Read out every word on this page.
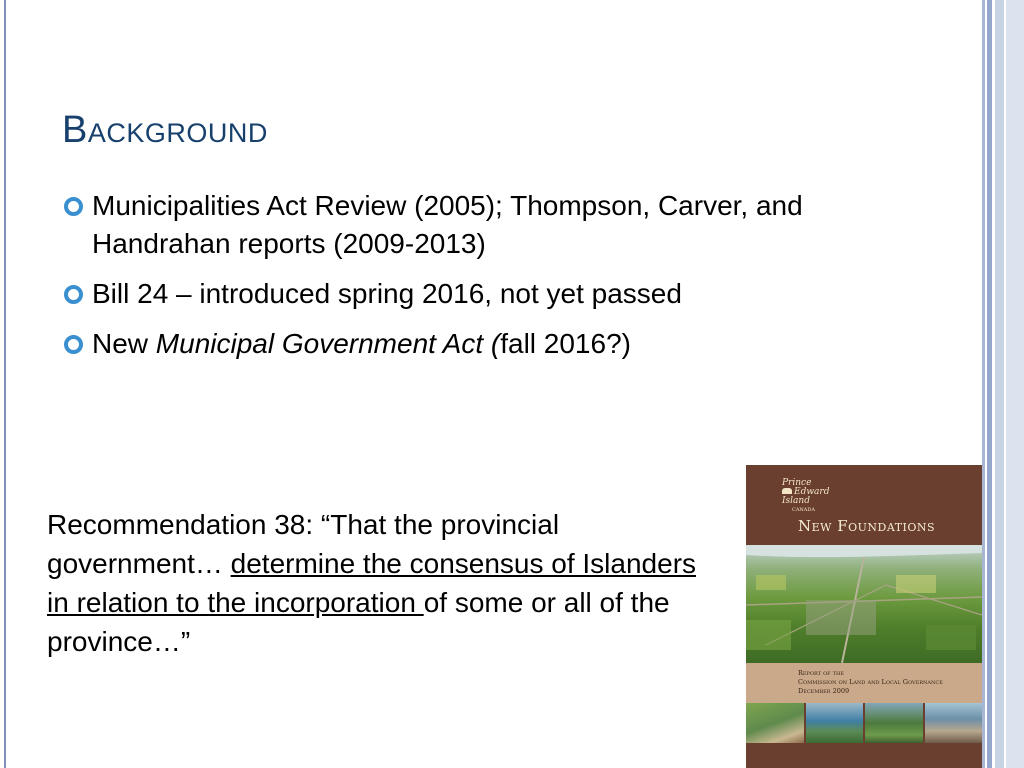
Background
Municipalities Act Review (2005); Thompson, Carver, and Handrahan reports (2009-2013)
Bill 24 – introduced spring 2016, not yet passed
New Municipal Government Act (fall 2016?)
Recommendation 38: “That the provincial government… determine the consensus of Islanders in relation to the incorporation of some or all of the province…”
Prince
Edward
Island
CANADA
New Foundations
Report of the
Commission on Land and Local Governance
December 2009
